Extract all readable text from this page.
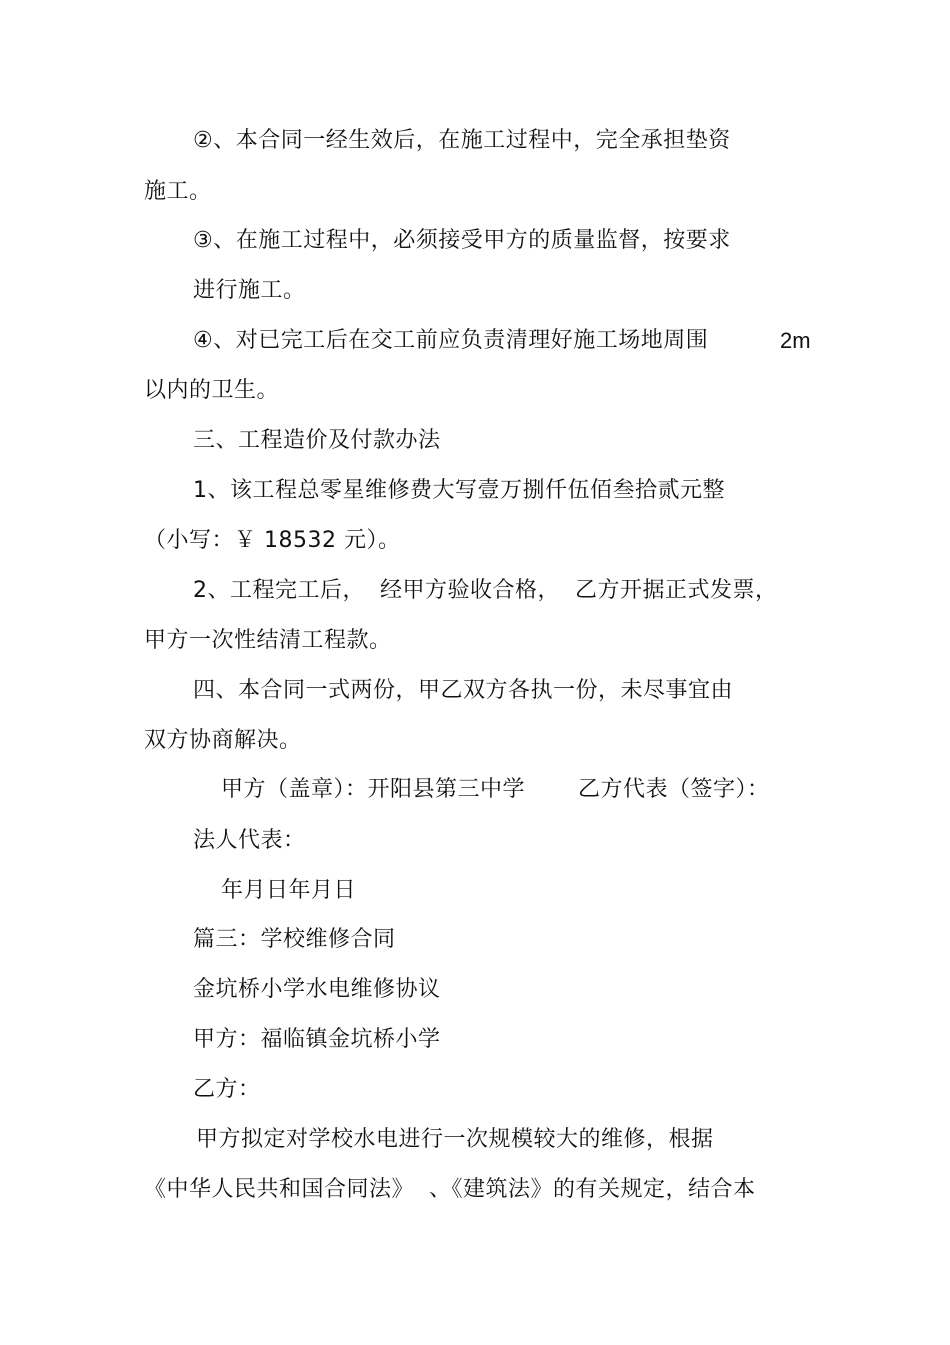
②、本合同一经生效后，在施工过程中，完全承担垫资
施工。
③、在施工过程中，必须接受甲方的质量监督，按要求
进行施工。
④、对已完工后在交工前应负责清理好施工场地周围	2m
以内的卫生。
三、工程造价及付款办法
1、该工程总零星维修费大写壹万捌仟伍佰叁拾贰元整
（小写：￥ 18532 元）。
2、工程完工后，  经甲方验收合格，  乙方开据正式发票，
甲方一次性结清工程款。
四、本合同一式两份，甲乙双方各执一份，未尽事宜由
双方协商解决。
甲方（盖章）：开阳县第三中学 乙方代表（签字）：
法人代表：
年月日年月日
篇三：学校维修合同
金坑桥小学水电维修协议
甲方：福临镇金坑桥小学
乙方：
甲方拟定对学校水电进行一次规模较大的维修，根据
《中华人民共和国合同法》  、《建筑法》的有关规定，结合本
